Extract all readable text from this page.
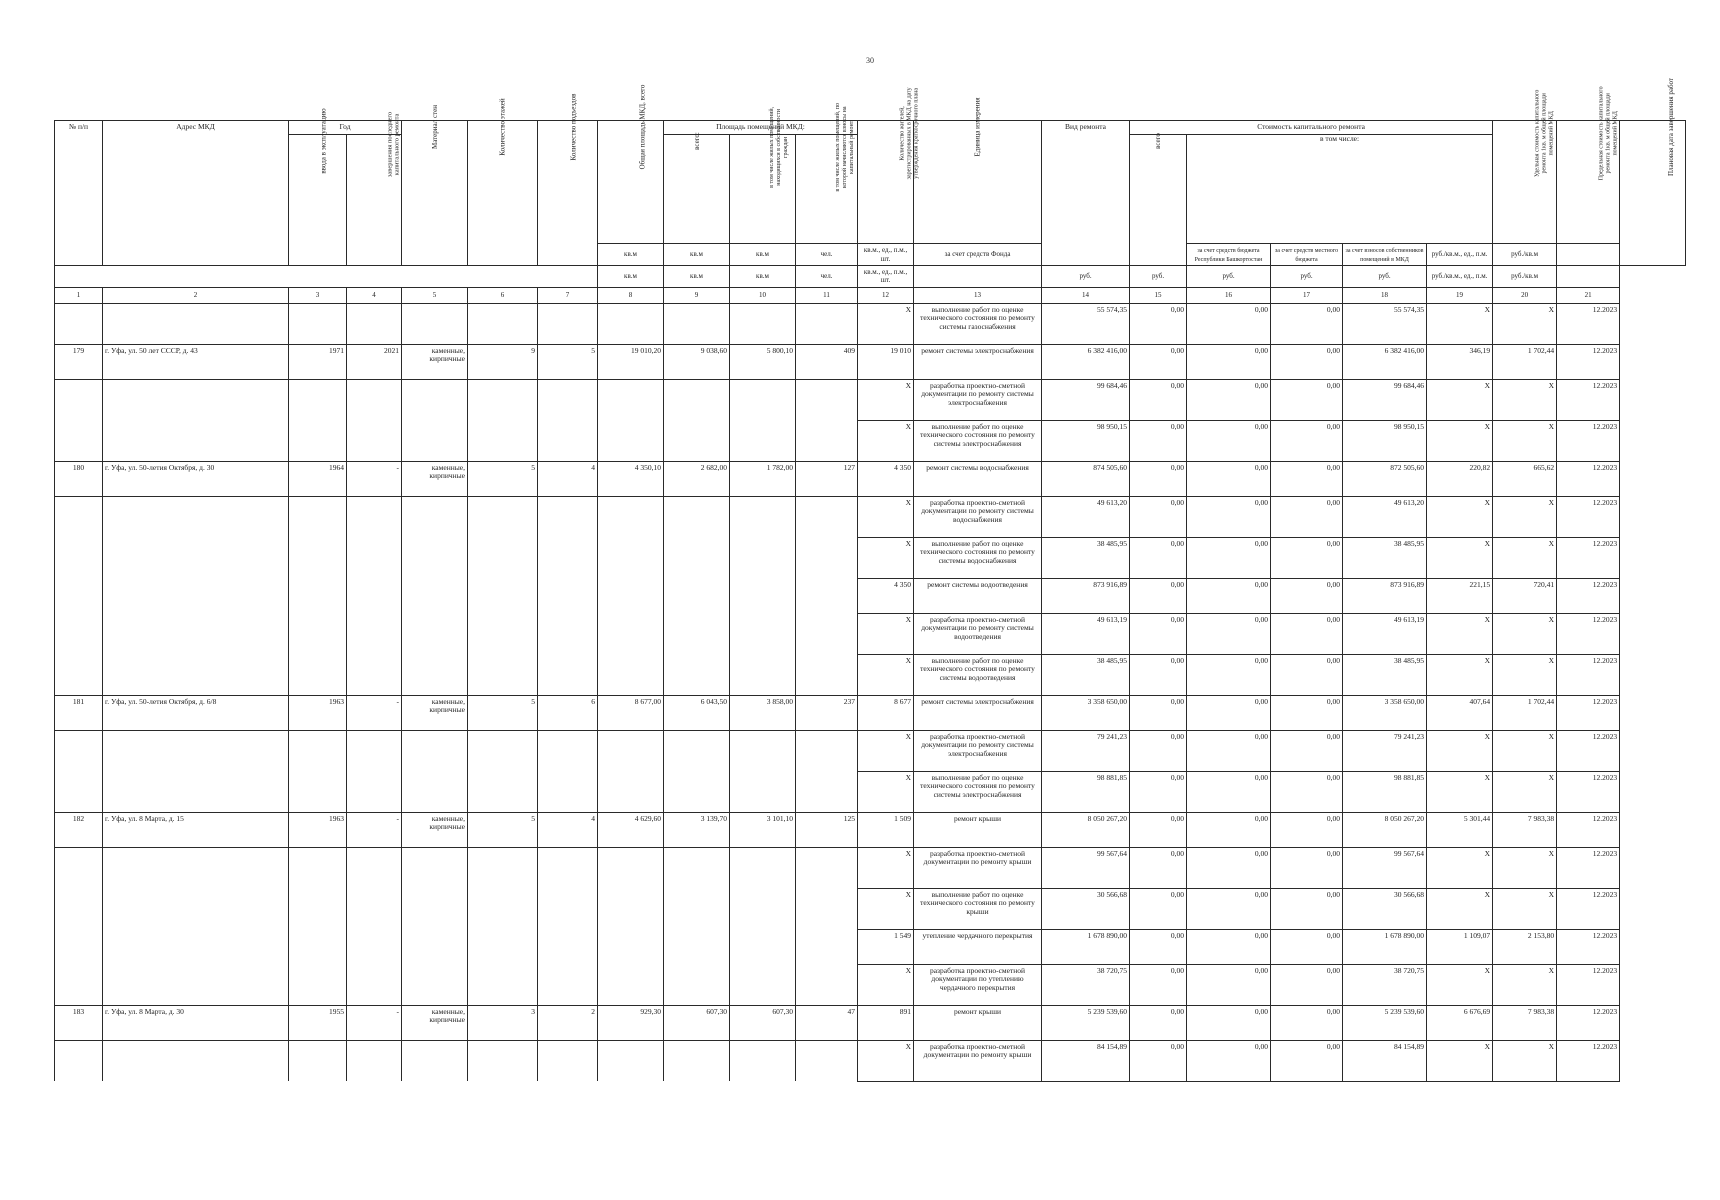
30
№ п/п	Адрес МКД	Год		Материал стен	Количество этажей	Количество подъездов	Общая площадь МКД, всего	Площадь помещений МКД:			Количество жителей, зарегистрированных в МКД на дату утверждения краткосрочного плана	Единица измерения	Вид ремонта	Стоимость капитального ремонта					Удельная стоимость капитального ремонта 1кв. м общей площади помещений МКД	Предельная стоимость капитального ремонта 1кв. м общей площади помещений МКД	Плановая дата завершения работ
		ввода в эксплуатацию	завершения последнего капитального ремонта					всего:	в том числе жилых помещений, находящихся в собственности граждан	в том числе жилых помещений, по которой начисляются взносы на капитальный ремонт				всего	в том числе:						
							кв.м	кв.м	кв.м	чел.	кв.м., ед., п.м., шт.	за счет средств Фонда			за счет средств бюджета Республики Башкортостан	за счет средств местного бюджета	за счет взносов собственников помещений в МКД	руб./кв.м., ед., п.м.	руб./кв.м		
							кв.м	кв.м	кв.м	чел.	кв.м., ед., п.м., шт.		руб.	руб.	руб.	руб.	руб.	руб./кв.м., ед., п.м.	руб./кв.м		
1	2	3	4	5	6	7	8	9	10	11	12	13	14	15	16	17	18	19	20	21	
											X	выполнение работ по оценке технического состояния по ремонту системы газоснабжения	55 574,35	0,00	0,00	0,00	55 574,35	X	X	12.2023	
179	г. Уфа, ул. 50 лет СССР, д. 43	1971	2021	каменные, кирпичные	9	5	19 010,20	9 038,60	5 800,10	409	19 010	ремонт системы электроснабжения	6 382 416,00	0,00	0,00	0,00	6 382 416,00	346,19	1 702,44	12.2023	
											X	разработка проектно-сметной документации по ремонту системы электроснабжения	99 684,46	0,00	0,00	0,00	99 684,46	X	X	12.2023	
											X	выполнение работ по оценке технического состояния по ремонту системы электроснабжения	98 950,15	0,00	0,00	0,00	98 950,15	X	X	12.2023	
180	г. Уфа, ул. 50-летия Октября, д. 30	1964	-	каменные, кирпичные	5	4	4 350,10	2 682,00	1 782,00	127	4 350	ремонт системы водоснабжения	874 505,60	0,00	0,00	0,00	872 505,60	220,82	665,62	12.2023	
											X	разработка проектно-сметной документации по ремонту системы водоснабжения	49 613,20	0,00	0,00	0,00	49 613,20	X	X	12.2023	
											X	выполнение работ по оценке технического состояния по ремонту системы водоснабжения	38 485,95	0,00	0,00	0,00	38 485,95	X	X	12.2023	
											4 350	ремонт системы водоотведения	873 916,89	0,00	0,00	0,00	873 916,89	221,15	720,41	12.2023	
											X	разработка проектно-сметной документации по ремонту системы водоотведения	49 613,19	0,00	0,00	0,00	49 613,19	X	X	12.2023	
											X	выполнение работ по оценке технического состояния по ремонту системы водоотведения	38 485,95	0,00	0,00	0,00	38 485,95	X	X	12.2023	
181	г. Уфа, ул. 50-летия Октября, д. 6/8	1963	-	каменные, кирпичные	5	6	8 677,00	6 043,50	3 858,00	237	8 677	ремонт системы электроснабжения	3 358 650,00	0,00	0,00	0,00	3 358 650,00	407,64	1 702,44	12.2023	
											X	разработка проектно-сметной документации по ремонту системы электроснабжения	79 241,23	0,00	0,00	0,00	79 241,23	X	X	12.2023	
											X	выполнение работ по оценке технического состояния по ремонту системы электроснабжения	98 881,85	0,00	0,00	0,00	98 881,85	X	X	12.2023	
182	г. Уфа, ул. 8 Марта, д. 15	1963	-	каменные, кирпичные	5	4	4 629,60	3 139,70	3 101,10	125	1 509	ремонт крыши	8 050 267,20	0,00	0,00	0,00	8 050 267,20	5 301,44	7 983,38	12.2023	
											X	разработка проектно-сметной документации по ремонту крыши	99 567,64	0,00	0,00	0,00	99 567,64	X	X	12.2023	
											X	выполнение работ по оценке технического состояния по ремонту крыши	30 566,68	0,00	0,00	0,00	30 566,68	X	X	12.2023	
											1 549	утепление чердачного перекрытия	1 678 890,00	0,00	0,00	0,00	1 678 890,00	1 109,07	2 153,80	12.2023	
											X	разработка проектно-сметной документации по утеплению чердачного перекрытия	38 720,75	0,00	0,00	0,00	38 720,75	X	X	12.2023	
183	г. Уфа, ул. 8 Марта, д. 30	1955	-	каменные, кирпичные	3	2	929,30	607,30	607,30	47	891	ремонт крыши	5 239 539,60	0,00	0,00	0,00	5 239 539,60	6 676,69	7 983,38	12.2023	
											X	разработка проектно-сметной документации по ремонту крыши	84 154,89	0,00	0,00	0,00	84 154,89	X	X	12.2023	
